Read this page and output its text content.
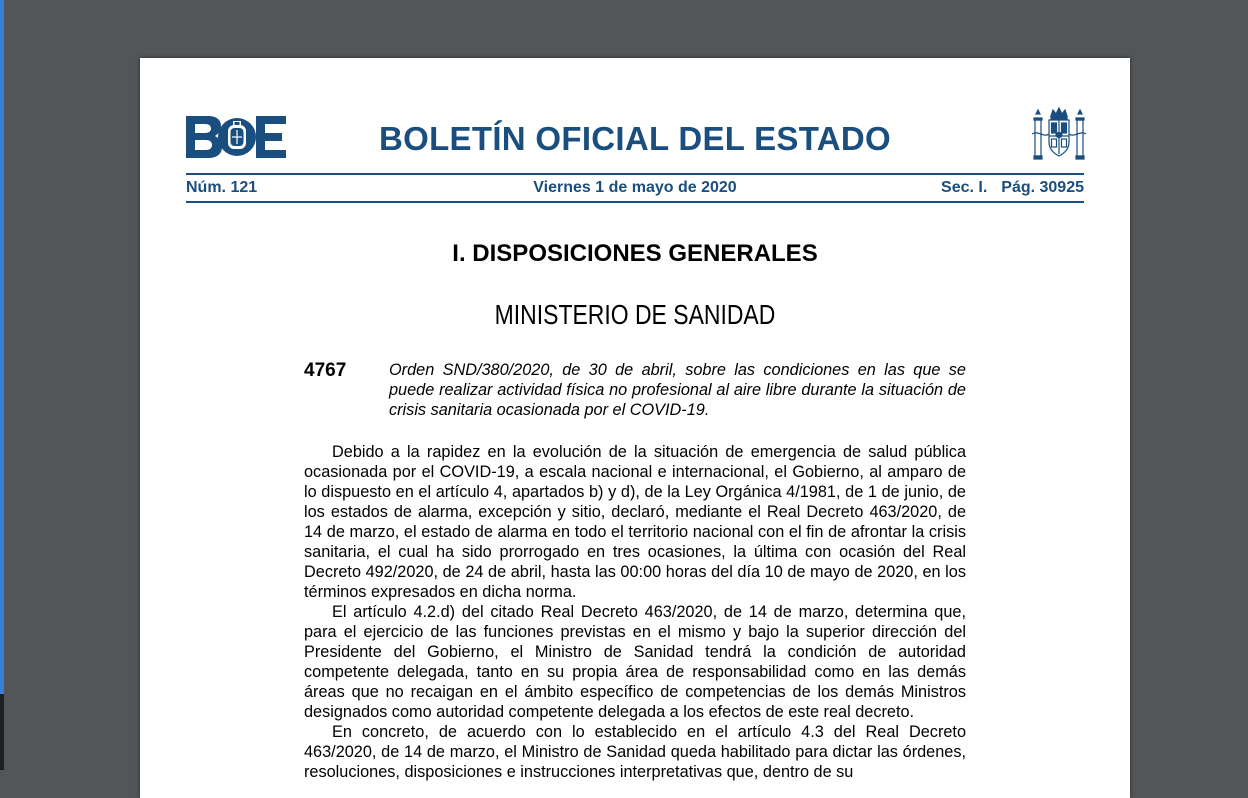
BOLETÍN OFICIAL DEL ESTADO
Núm. 121	Viernes 1 de mayo de 2020	Sec. I. Pág. 30925
I. DISPOSICIONES GENERALES
MINISTERIO DE SANIDAD
4767	Orden SND/380/2020, de 30 de abril, sobre las condiciones en las que se puede realizar actividad física no profesional al aire libre durante la situación de crisis sanitaria ocasionada por el COVID-19.

Debido a la rapidez en la evolución de la situación de emergencia de salud pública ocasionada por el COVID-19, a escala nacional e internacional, el Gobierno, al amparo de lo dispuesto en el artículo 4, apartados b) y d), de la Ley Orgánica 4/1981, de 1 de junio, de los estados de alarma, excepción y sitio, declaró, mediante el Real Decreto 463/2020, de 14 de marzo, el estado de alarma en todo el territorio nacional con el fin de afrontar la crisis sanitaria, el cual ha sido prorrogado en tres ocasiones, la última con ocasión del Real Decreto 492/2020, de 24 de abril, hasta las 00:00 horas del día 10 de mayo de 2020, en los términos expresados en dicha norma.

El artículo 4.2.d) del citado Real Decreto 463/2020, de 14 de marzo, determina que, para el ejercicio de las funciones previstas en el mismo y bajo la superior dirección del Presidente del Gobierno, el Ministro de Sanidad tendrá la condición de autoridad competente delegada, tanto en su propia área de responsabilidad como en las demás áreas que no recaigan en el ámbito específico de competencias de los demás Ministros designados como autoridad competente delegada a los efectos de este real decreto.

En concreto, de acuerdo con lo establecido en el artículo 4.3 del Real Decreto 463/2020, de 14 de marzo, el Ministro de Sanidad queda habilitado para dictar las órdenes, resoluciones, disposiciones e instrucciones interpretativas que, dentro de su
